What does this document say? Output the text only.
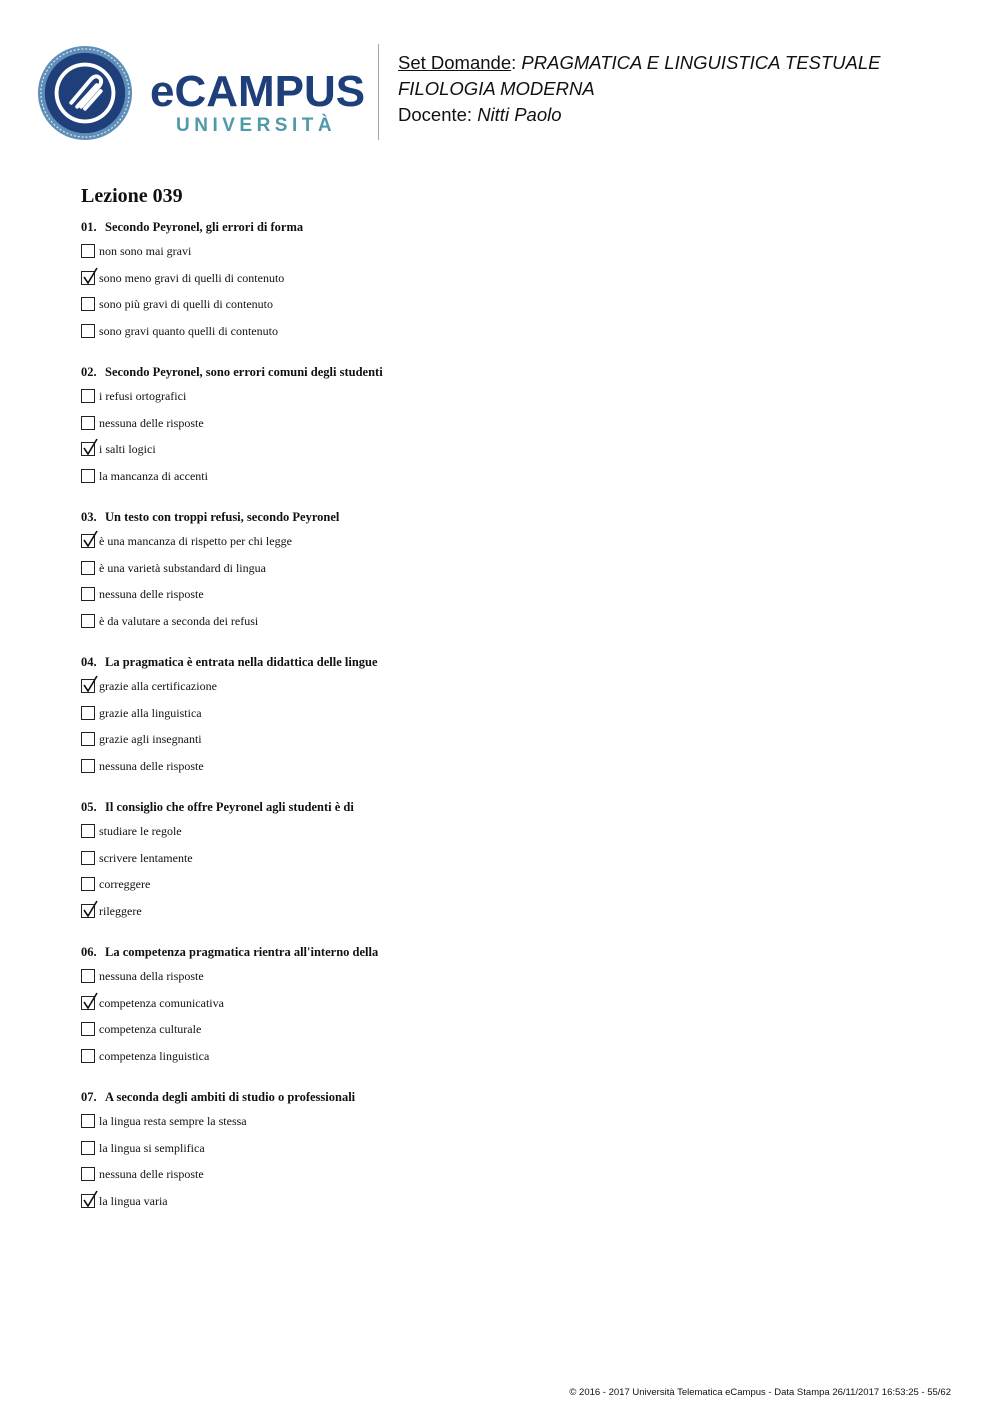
eCAMPUS
UNIVERSITÀ
Set Domande: PRAGMATICA E LINGUISTICA TESTUALE
FILOLOGIA MODERNA
Docente: Nitti Paolo
Lezione 039
01. Secondo Peyronel, gli errori di forma
non sono mai gravi
sono meno gravi di quelli di contenuto
sono più gravi di quelli di contenuto
sono gravi quanto quelli di contenuto
02. Secondo Peyronel, sono errori comuni degli studenti
i refusi ortografici
nessuna delle risposte
i salti logici
la mancanza di accenti
03. Un testo con troppi refusi, secondo Peyronel
è una mancanza di rispetto per chi legge
è una varietà substandard di lingua
nessuna delle risposte
è da valutare a seconda dei refusi
04. La pragmatica è entrata nella didattica delle lingue
grazie alla certificazione
grazie alla linguistica
grazie agli insegnanti
nessuna delle risposte
05. Il consiglio che offre Peyronel agli studenti è di
studiare le regole
scrivere lentamente
correggere
rileggere
06. La competenza pragmatica rientra all'interno della
nessuna della risposte
competenza comunicativa
competenza culturale
competenza linguistica
07. A seconda degli ambiti di studio o professionali
la lingua resta sempre la stessa
la lingua si semplifica
nessuna delle risposte
la lingua varia
© 2016 - 2017 Università Telematica eCampus - Data Stampa 26/11/2017 16:53:25 - 55/62
